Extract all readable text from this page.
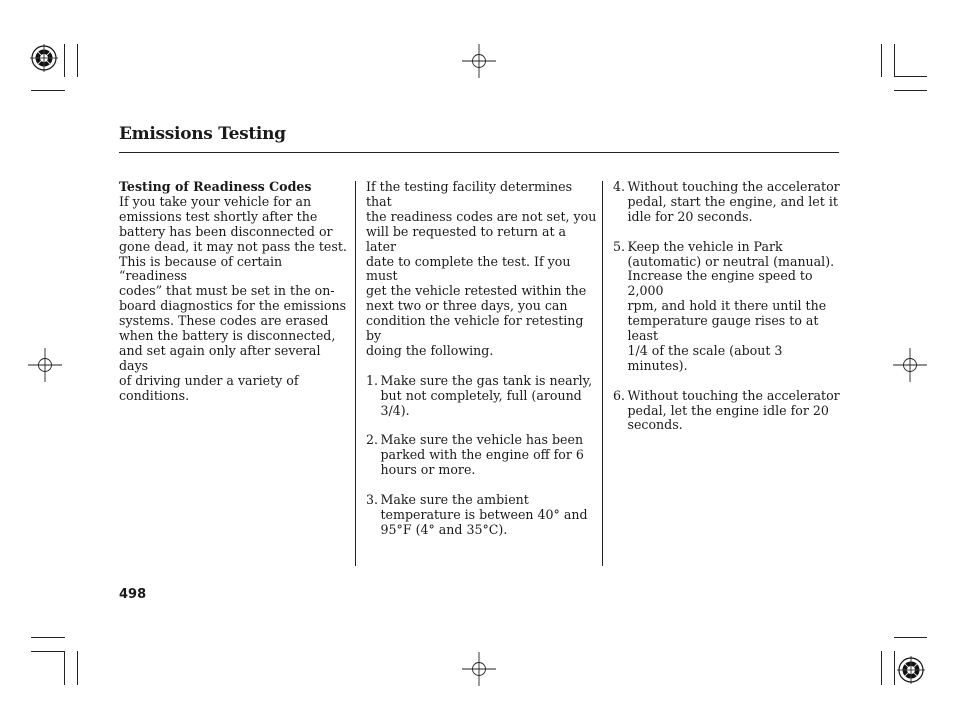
Emissions Testing
Testing of Readiness Codes

If you take your vehicle for an
emissions test shortly after the
battery has been disconnected or
gone dead, it may not pass the test.
This is because of certain “readiness
codes” that must be set in the on-
board diagnostics for the emissions
systems. These codes are erased
when the battery is disconnected,
and set again only after several days
of driving under a variety of
conditions.

If the testing facility determines that
the readiness codes are not set, you
will be requested to return at a later
date to complete the test. If you must
get the vehicle retested within the
next two or three days, you can
condition the vehicle for retesting by
doing the following.

1. Make sure the gas tank is nearly,
but not completely, full (around
3/4).
2. Make sure the vehicle has been
parked with the engine off for 6
hours or more.
3. Make sure the ambient
temperature is between 40° and
95°F (4° and 35°C).
4. Without touching the accelerator
pedal, start the engine, and let it
idle for 20 seconds.
5. Keep the vehicle in Park
(automatic) or neutral (manual).
Increase the engine speed to 2,000
rpm, and hold it there until the
temperature gauge rises to at least
1/4 of the scale (about 3 minutes).
6. Without touching the accelerator
pedal, let the engine idle for 20
seconds.
498
